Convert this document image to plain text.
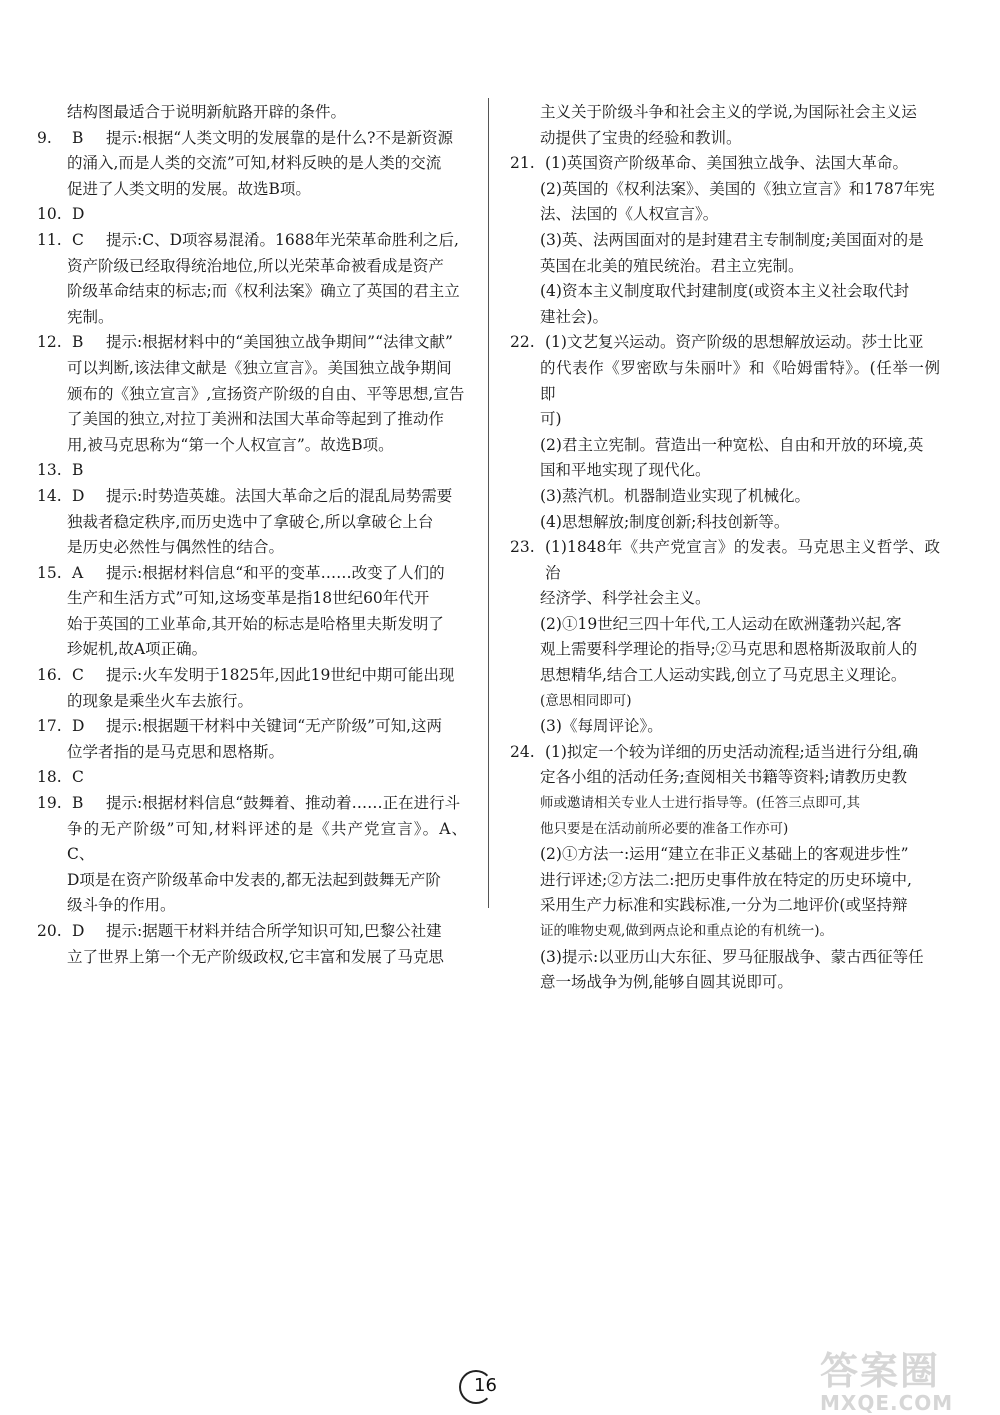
结构图最适合于说明新航路开辟的条件。
9.	B	提示:根据“人类文明的发展靠的是什么?不是新资源
的涌入,而是人类的交流”可知,材料反映的是人类的交流
促进了人类文明的发展。故选B项。
10. D
11. C	提示:C、D项容易混淆。1688年光荣革命胜利之后,
资产阶级已经取得统治地位,所以光荣革命被看成是资产
阶级革命结束的标志;而《权利法案》确立了英国的君主立
宪制。
12. B	提示:根据材料中的“美国独立战争期间”“法律文献”
可以判断,该法律文献是《独立宣言》。美国独立战争期间
颁布的《独立宣言》,宣扬资产阶级的自由、平等思想,宣告
了美国的独立,对拉丁美洲和法国大革命等起到了推动作
用,被马克思称为“第一个人权宣言”。故选B项。
13. B
14. D	提示:时势造英雄。法国大革命之后的混乱局势需要
独裁者稳定秩序,而历史选中了拿破仑,所以拿破仑上台
是历史必然性与偶然性的结合。
15. A	提示:根据材料信息“和平的变革……改变了人们的
生产和生活方式”可知,这场变革是指18世纪60年代开
始于英国的工业革命,其开始的标志是哈格里夫斯发明了
珍妮机,故A项正确。
16. C	提示:火车发明于1825年,因此19世纪中期可能出现
的现象是乘坐火车去旅行。
17. D	提示:根据题干材料中关键词“无产阶级”可知,这两
位学者指的是马克思和恩格斯。
18. C
19. B	提示:根据材料信息“鼓舞着、推动着……正在进行斗
争的无产阶级”可知,材料评述的是《共产党宣言》。A、C、
D项是在资产阶级革命中发表的,都无法起到鼓舞无产阶
级斗争的作用。
20. D	提示:据题干材料并结合所学知识可知,巴黎公社建
立了世界上第一个无产阶级政权,它丰富和发展了马克思
主义关于阶级斗争和社会主义的学说,为国际社会主义运
动提供了宝贵的经验和教训。
21. (1)英国资产阶级革命、美国独立战争、法国大革命。
(2)英国的《权利法案》、美国的《独立宣言》和1787年宪
法、法国的《人权宣言》。
(3)英、法两国面对的是封建君主专制制度;美国面对的是
英国在北美的殖民统治。君主立宪制。
(4)资本主义制度取代封建制度(或资本主义社会取代封
建社会)。
22. (1)文艺复兴运动。资产阶级的思想解放运动。莎士比亚
的代表作《罗密欧与朱丽叶》和《哈姆雷特》。(任举一例即
可)
(2)君主立宪制。营造出一种宽松、自由和开放的环境,英
国和平地实现了现代化。
(3)蒸汽机。机器制造业实现了机械化。
(4)思想解放;制度创新;科技创新等。
23. (1)1848年《共产党宣言》的发表。马克思主义哲学、政治
经济学、科学社会主义。
(2)①19世纪三四十年代,工人运动在欧洲蓬勃兴起,客
观上需要科学理论的指导;②马克思和恩格斯汲取前人的
思想精华,结合工人运动实践,创立了马克思主义理论。
(意思相同即可)
(3)《每周评论》。
24. (1)拟定一个较为详细的历史活动流程;适当进行分组,确
定各小组的活动任务;查阅相关书籍等资料;请教历史教
师或邀请相关专业人士进行指导等。(任答三点即可,其
他只要是在活动前所必要的准备工作亦可)
(2)①方法一:运用“建立在非正义基础上的客观进步性”
进行评述;②方法二:把历史事件放在特定的历史环境中,
采用生产力标准和实践标准,一分为二地评价(或坚持辩
证的唯物史观,做到两点论和重点论的有机统一)。
(3)提示:以亚历山大东征、罗马征服战争、蒙古西征等任
意一场战争为例,能够自圆其说即可。
16	答案圈
MXQE.COM
